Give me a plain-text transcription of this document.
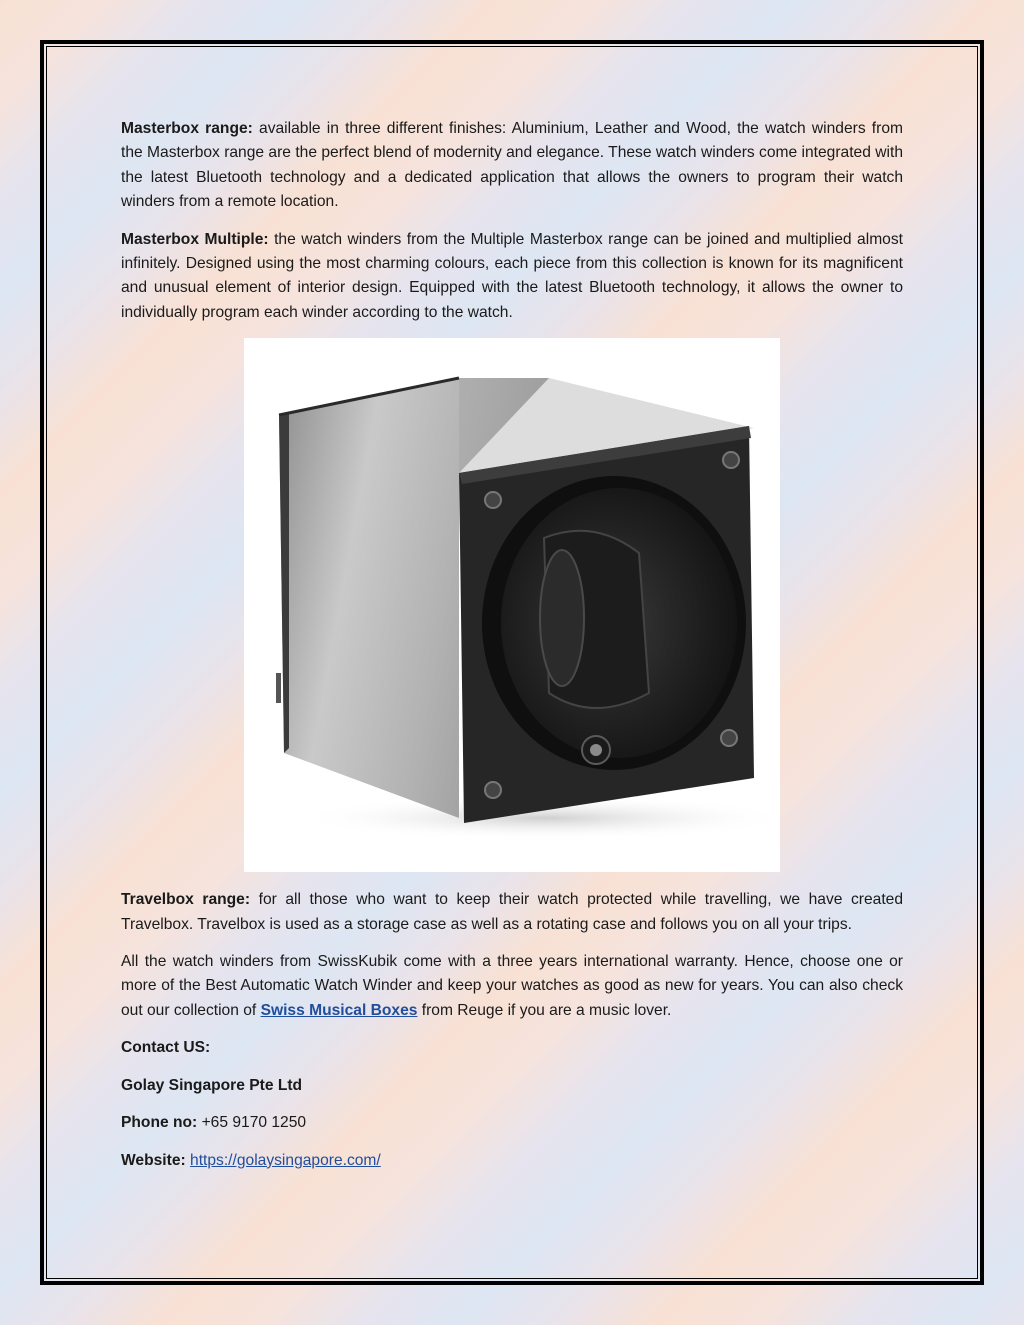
Masterbox range: available in three different finishes: Aluminium, Leather and Wood, the watch winders from the Masterbox range are the perfect blend of modernity and elegance. These watch winders come integrated with the latest Bluetooth technology and a dedicated application that allows the owners to program their watch winders from a remote location.

Masterbox Multiple: the watch winders from the Multiple Masterbox range can be joined and multiplied almost infinitely. Designed using the most charming colours, each piece from this collection is known for its magnificent and unusual element of interior design. Equipped with the latest Bluetooth technology, it allows the owner to individually program each winder according to the watch.

Travelbox range: for all those who want to keep their watch protected while travelling, we have created Travelbox. Travelbox is used as a storage case as well as a rotating case and follows you on all your trips.

All the watch winders from SwissKubik come with a three years international warranty. Hence, choose one or more of the Best Automatic Watch Winder and keep your watches as good as new for years. You can also check out our collection of Swiss Musical Boxes from Reuge if you are a music lover.

Contact US:

Golay Singapore Pte Ltd

Phone no: +65 9170 1250

Website: https://golaysingapore.com/
